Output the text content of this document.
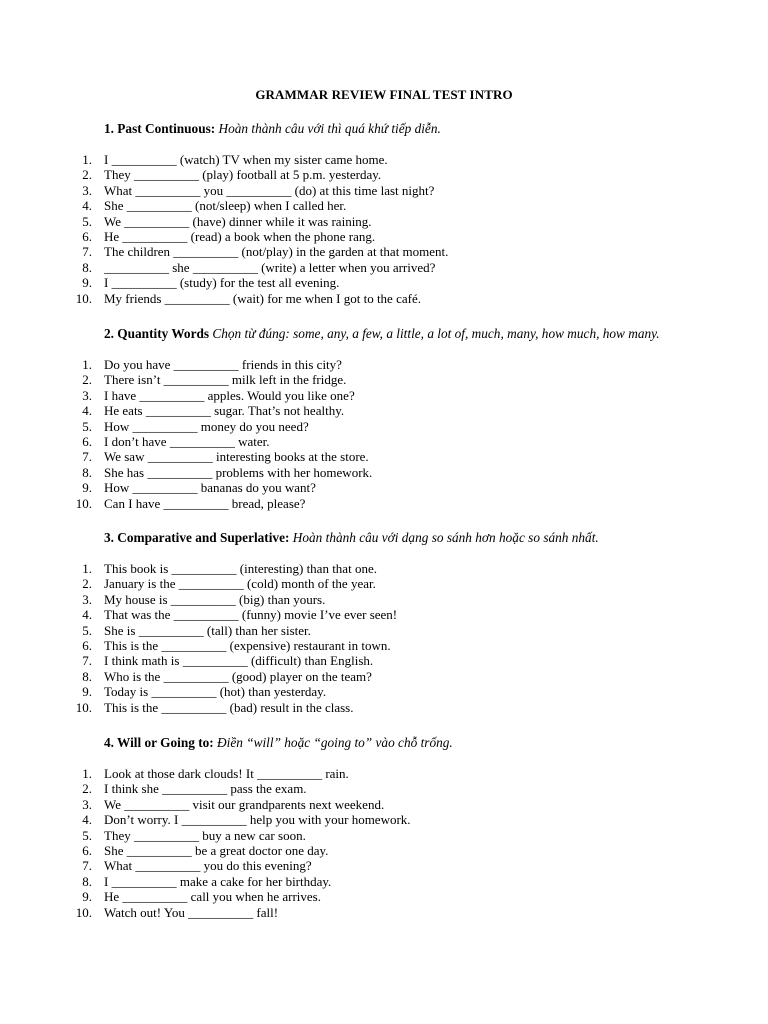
GRAMMAR REVIEW FINAL TEST INTRO
1. Past Continuous: Hoàn thành câu với thì quá khứ tiếp diễn.
1. I __________ (watch) TV when my sister came home.
2. They __________ (play) football at 5 p.m. yesterday.
3. What __________ you __________ (do) at this time last night?
4. She __________ (not/sleep) when I called her.
5. We __________ (have) dinner while it was raining.
6. He __________ (read) a book when the phone rang.
7. The children __________ (not/play) in the garden at that moment.
8. __________ she __________ (write) a letter when you arrived?
9. I __________ (study) for the test all evening.
10. My friends __________ (wait) for me when I got to the café.
2. Quantity Words Chọn từ đúng: some, any, a few, a little, a lot of, much, many, how much, how many.
1. Do you have __________ friends in this city?
2. There isn’t __________ milk left in the fridge.
3. I have __________ apples. Would you like one?
4. He eats __________ sugar. That’s not healthy.
5. How __________ money do you need?
6. I don’t have __________ water.
7. We saw __________ interesting books at the store.
8. She has __________ problems with her homework.
9. How __________ bananas do you want?
10. Can I have __________ bread, please?
3. Comparative and Superlative: Hoàn thành câu với dạng so sánh hơn hoặc so sánh nhất.
1. This book is __________ (interesting) than that one.
2. January is the __________ (cold) month of the year.
3. My house is __________ (big) than yours.
4. That was the __________ (funny) movie I’ve ever seen!
5. She is __________ (tall) than her sister.
6. This is the __________ (expensive) restaurant in town.
7. I think math is __________ (difficult) than English.
8. Who is the __________ (good) player on the team?
9. Today is __________ (hot) than yesterday.
10. This is the __________ (bad) result in the class.
4. Will or Going to: Điền “will” hoặc “going to” vào chỗ trống.
1. Look at those dark clouds! It __________ rain.
2. I think she __________ pass the exam.
3. We __________ visit our grandparents next weekend.
4. Don’t worry. I __________ help you with your homework.
5. They __________ buy a new car soon.
6. She __________ be a great doctor one day.
7. What __________ you do this evening?
8. I __________ make a cake for her birthday.
9. He __________ call you when he arrives.
10. Watch out! You __________ fall!
